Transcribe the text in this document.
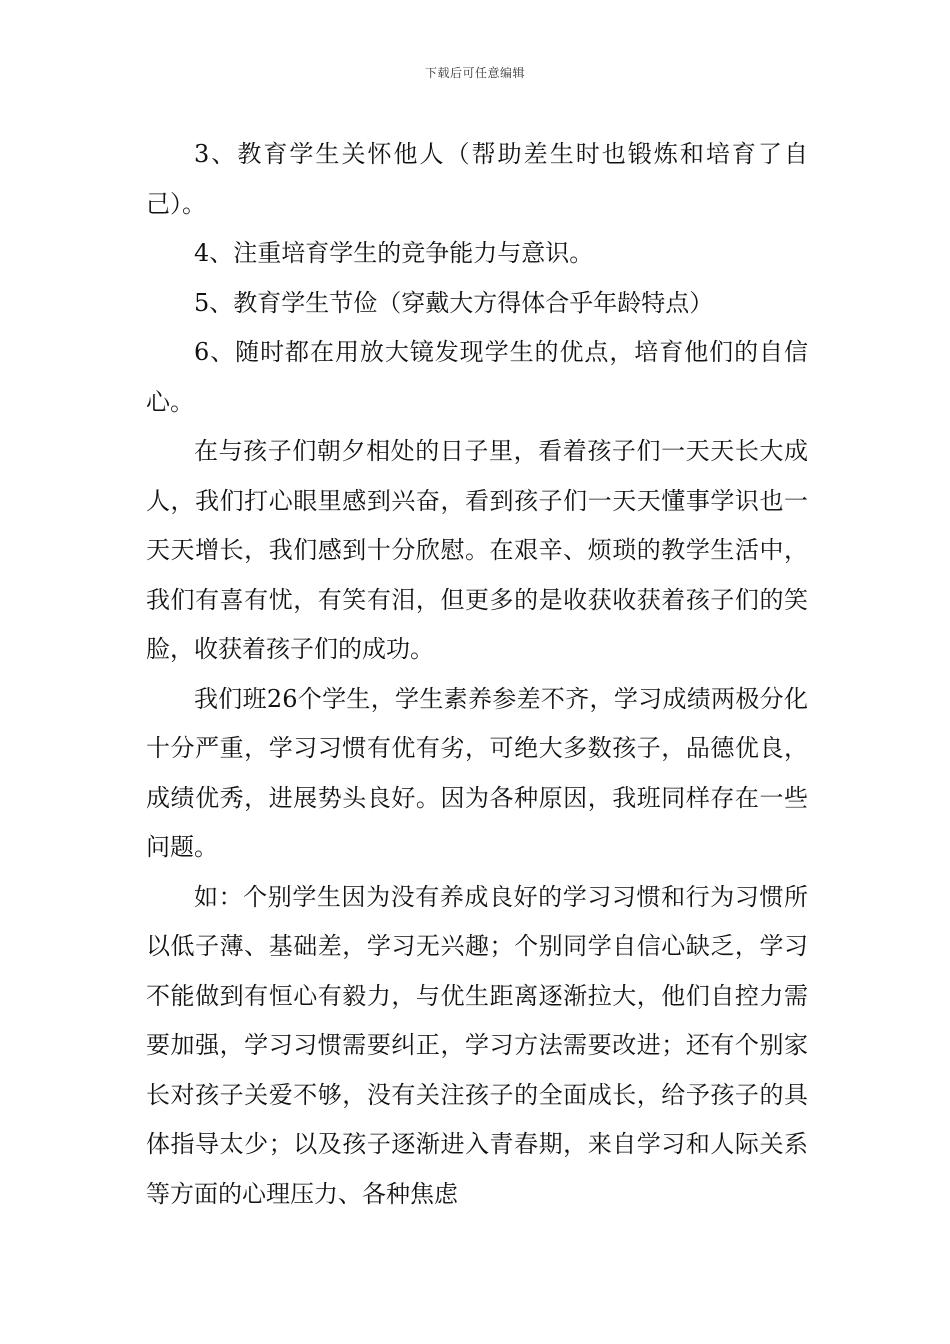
下载后可任意编辑

3、教育学生关怀他人（帮助差生时也锻炼和培育了自己）。

4、注重培育学生的竞争能力与意识。

5、教育学生节俭（穿戴大方得体合乎年龄特点）

6、随时都在用放大镜发现学生的优点，培育他们的自信心。

在与孩子们朝夕相处的日子里，看着孩子们一天天长大成人，我们打心眼里感到兴奋，看到孩子们一天天懂事学识也一天天增长，我们感到十分欣慰。在艰辛、烦琐的教学生活中，我们有喜有忧，有笑有泪，但更多的是收获收获着孩子们的笑脸，收获着孩子们的成功。

我们班26个学生，学生素养参差不齐，学习成绩两极分化十分严重，学习习惯有优有劣，可绝大多数孩子，品德优良，成绩优秀，进展势头良好。因为各种原因，我班同样存在一些问题。

如：个别学生因为没有养成良好的学习习惯和行为习惯所以低子薄、基础差，学习无兴趣；个别同学自信心缺乏，学习不能做到有恒心有毅力，与优生距离逐渐拉大，他们自控力需要加强，学习习惯需要纠正，学习方法需要改进；还有个别家长对孩子关爱不够，没有关注孩子的全面成长，给予孩子的具体指导太少；以及孩子逐渐进入青春期，来自学习和人际关系等方面的心理压力、各种焦虑
